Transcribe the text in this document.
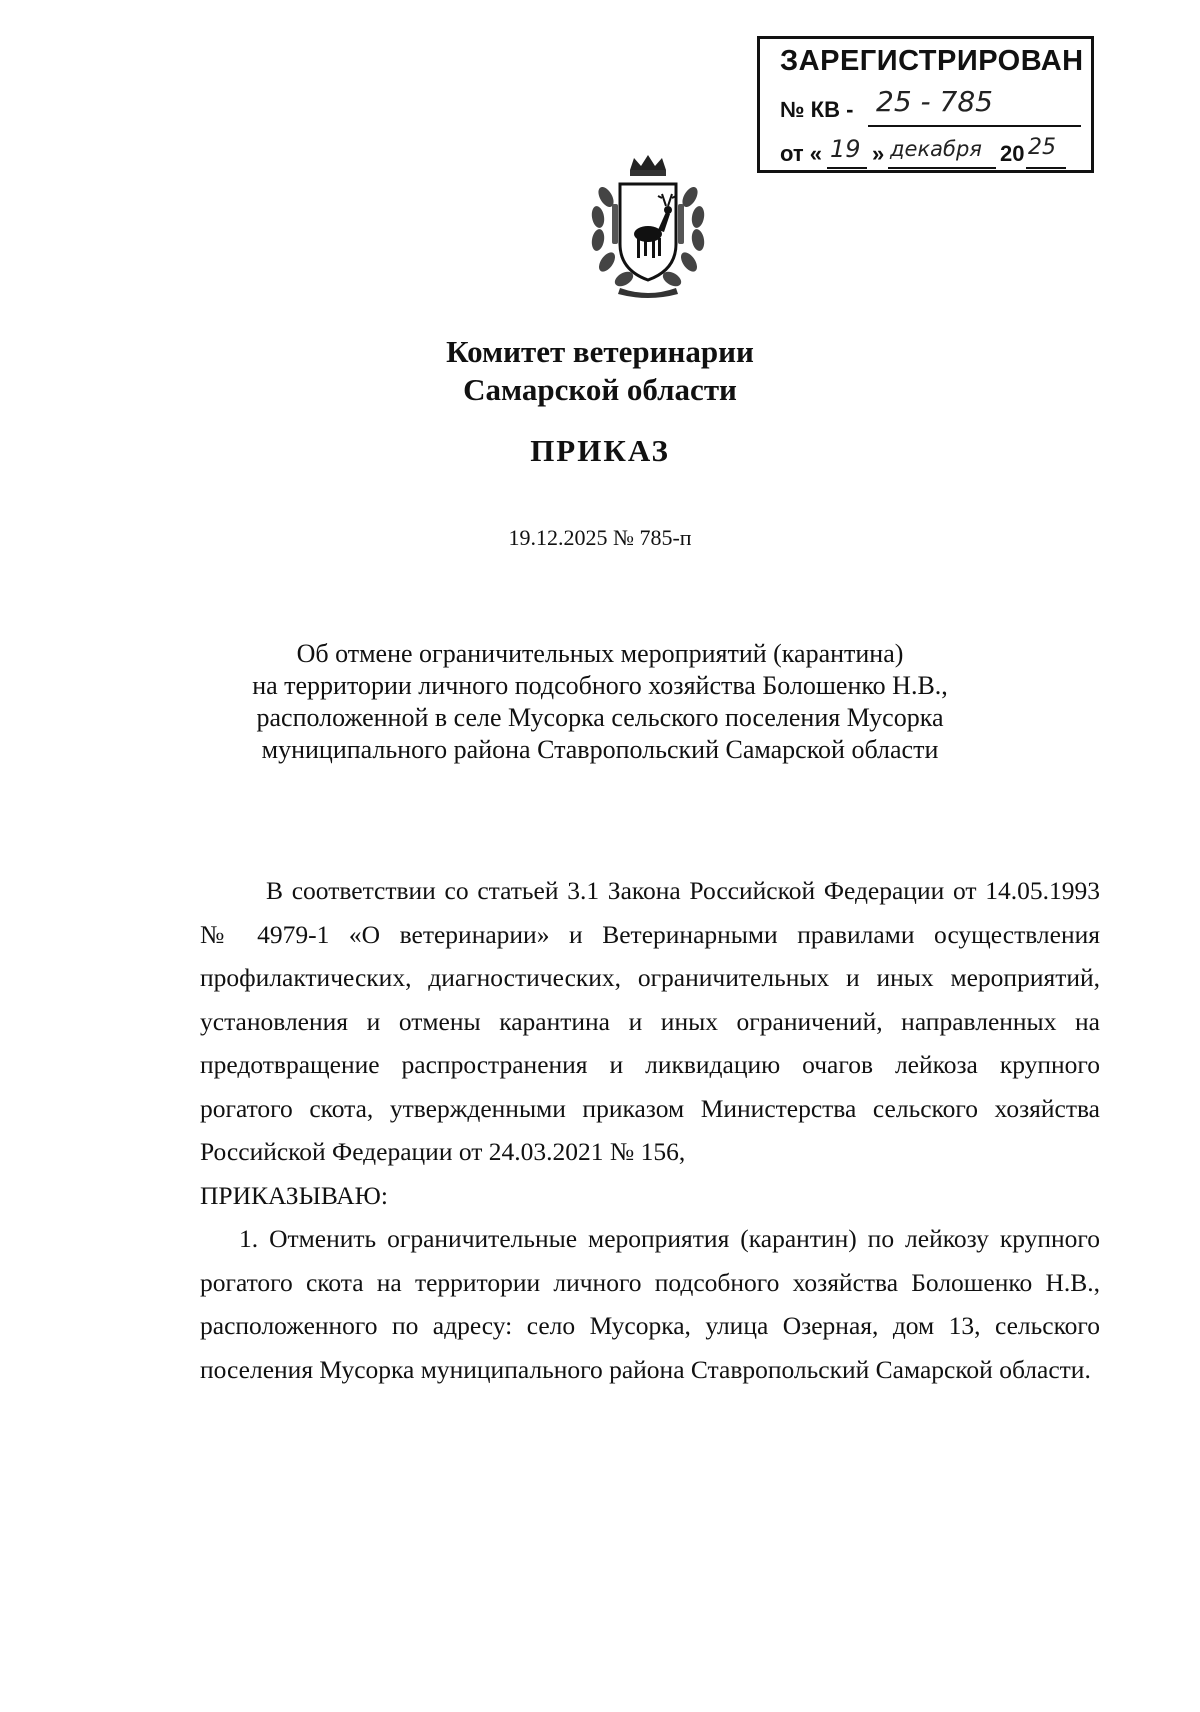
ЗАРЕГИСТРИРОВАН
№ КВ - 25 - 785
от « 19 » декабря 20 25
Комитет ветеринарии
Самарской области
ПРИКАЗ
19.12.2025 № 785-п
Об отмене ограничительных мероприятий (карантина)
на территории личного подсобного хозяйства Болошенко Н.В.,
расположенной в селе Мусорка сельского поселения Мусорка
муниципального района Ставропольский Самарской области

В соответствии со статьей 3.1 Закона Российской Федерации от 14.05.1993 № 4979-1 «О ветеринарии» и Ветеринарными правилами осуществления профилактических, диагностических, ограничительных и иных мероприятий, установления и отмены карантина и иных ограничений, направленных на предотвращение распространения и ликвидацию очагов лейкоза крупного рогатого скота, утвержденными приказом Министерства сельского хозяйства Российской Федерации от 24.03.2021 № 156,

ПРИКАЗЫВАЮ:

1. Отменить ограничительные мероприятия (карантин) по лейкозу крупного рогатого скота на территории личного подсобного хозяйства Болошенко Н.В., расположенного по адресу: село Мусорка, улица Озерная, дом 13, сельского поселения Мусорка муниципального района Ставропольский Самарской области.
